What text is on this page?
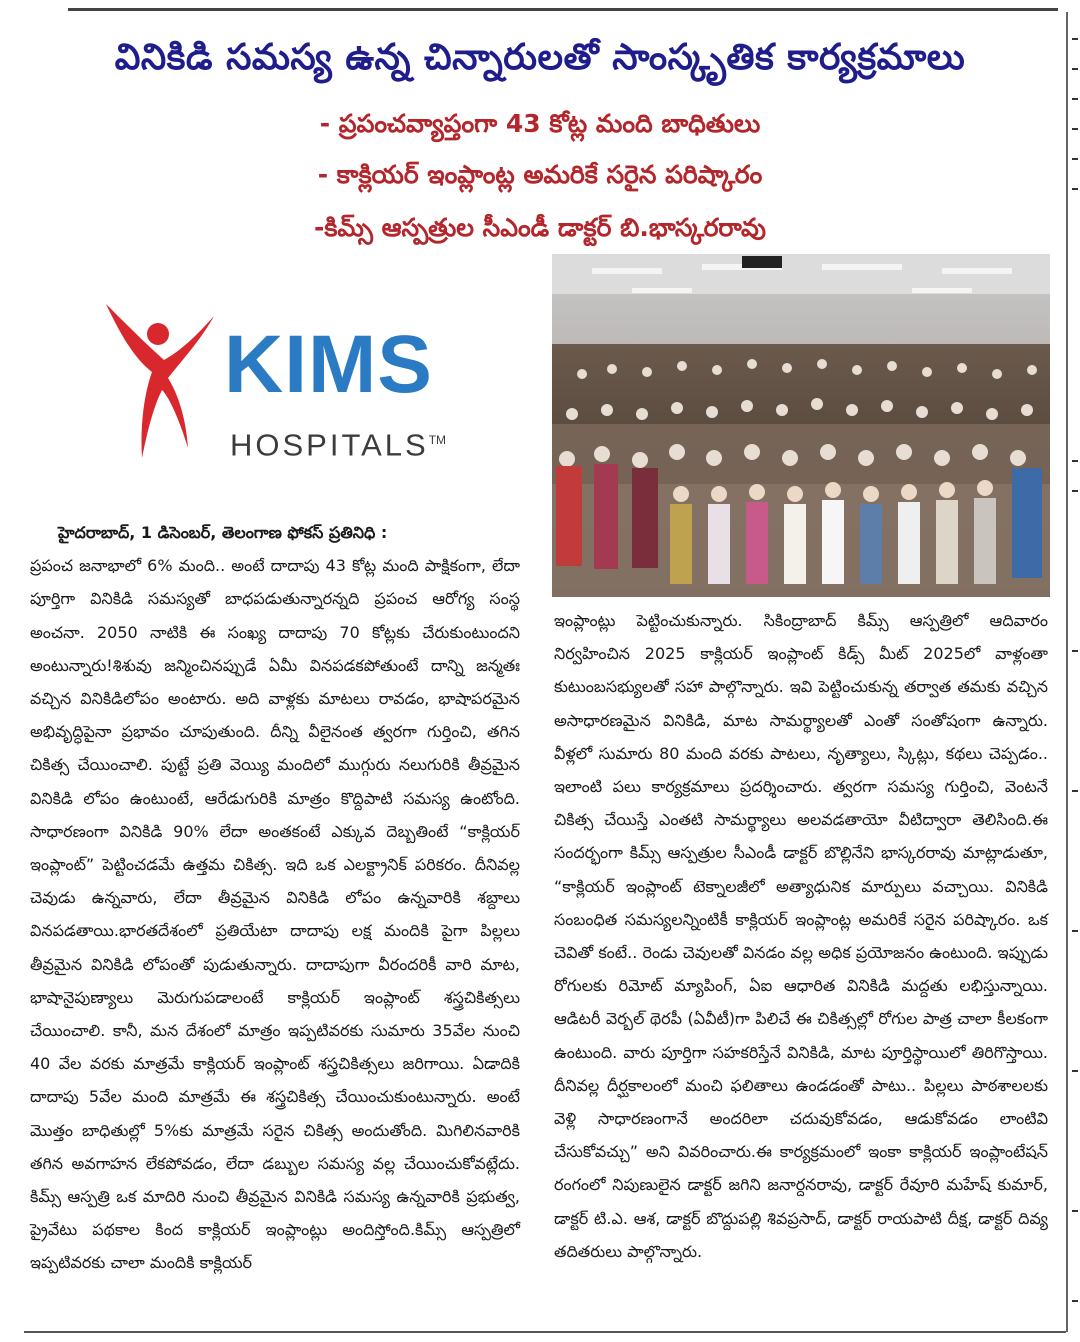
వినికిడి సమస్య ఉన్న చిన్నారులతో సాంస్కృతిక కార్యక్రమాలు
- ప్రపంచవ్యాప్తంగా 43 కోట్ల మంది బాధితులు
- కాక్లియర్ ఇంప్లాంట్ల అమరికే సరైన పరిష్కారం
-కిమ్స్ ఆస్పత్రుల సీఎండీ డాక్టర్ బి.భాస్కరరావు
KIMS
HOSPITALS™
హైదరాబాద్, 1 డిసెంబర్, తెలంగాణ ఫోకస్ ప్రతినిధి :

ప్రపంచ జనాభాలో 6% మంది.. అంటే దాదాపు 43 కోట్ల మంది పాక్షికంగా, లేదా పూర్తిగా వినికిడి సమస్యతో బాధపడుతున్నారన్నది ప్రపంచ ఆరోగ్య సంస్థ అంచనా. 2050 నాటికి ఈ సంఖ్య దాదాపు 70 కోట్లకు చేరుకుంటుందని అంటున్నారు!శిశువు జన్మించినప్పుడే ఏమీ వినపడకపోతుంటే దాన్ని జన్మతః వచ్చిన వినికిడిలోపం అంటారు. అది వాళ్లకు మాటలు రావడం, భాషాపరమైన అభివృద్ధిపైనా ప్రభావం చూపుతుంది. దీన్ని వీలైనంత త్వరగా గుర్తించి, తగిన చికిత్స చేయించాలి. పుట్టే ప్రతి వెయ్యి మందిలో ముగ్గురు నలుగురికి తీవ్రమైన వినికిడి లోపం ఉంటుంటే, ఆరేడుగురికి మాత్రం కొద్దిపాటి సమస్య ఉంటోంది. సాధారణంగా వినికిడి 90% లేదా అంతకంటే ఎక్కువ దెబ్బతింటే “కాక్లియర్ ఇంప్లాంట్” పెట్టించడమే ఉత్తమ చికిత్స. ఇది ఒక ఎలక్ట్రానిక్ పరికరం. దీనివల్ల చెవుడు ఉన్నవారు, లేదా తీవ్రమైన వినికిడి లోపం ఉన్నవారికి శబ్దాలు వినపడతాయి.భారతదేశంలో ప్రతియేటా దాదాపు లక్ష మందికి పైగా పిల్లలు తీవ్రమైన వినికిడి లోపంతో పుడుతున్నారు. దాదాపుగా వీరందరికీ వారి మాట, భాషానైపుణ్యాలు మెరుగుపడాలంటే కాక్లియర్ ఇంప్లాంట్ శస్త్రచికిత్సలు చేయించాలి. కానీ, మన దేశంలో మాత్రం ఇప్పటివరకు సుమారు 35వేల నుంచి 40 వేల వరకు మాత్రమే కాక్లియర్ ఇంప్లాంట్ శస్త్రచికిత్సలు జరిగాయి. ఏడాదికి దాదాపు 5వేల మంది మాత్రమే ఈ శస్త్రచికిత్స చేయించుకుంటున్నారు. అంటే మొత్తం బాధితుల్లో 5%కు మాత్రమే సరైన చికిత్స అందుతోంది. మిగిలినవారికి తగిన అవగాహన లేకపోవడం, లేదా డబ్బుల సమస్య వల్ల చేయించుకోవట్లేదు. కిమ్స్ ఆస్పత్రి ఒక మాదిరి నుంచి తీవ్రమైన వినికిడి సమస్య ఉన్నవారికి ప్రభుత్వ, ప్రైవేటు పథకాల కింద కాక్లియర్ ఇంప్లాంట్లు అందిస్తోంది.కిమ్స్ ఆస్పత్రిలో ఇప్పటివరకు చాలా మందికి కాక్లియర్

ఇంప్లాంట్లు పెట్టించుకున్నారు. సికింద్రాబాద్ కిమ్స్ ఆస్పత్రిలో ఆదివారం నిర్వహించిన 2025 కాక్లియర్ ఇంప్లాంట్ కిడ్స్ మీట్ 2025లో వాళ్లంతా కుటుంబసభ్యులతో సహా పాల్గొన్నారు. ఇవి పెట్టించుకున్న తర్వాత తమకు వచ్చిన అసాధారణమైన వినికిడి, మాట సామర్థ్యాలతో ఎంతో సంతోషంగా ఉన్నారు. వీళ్లలో సుమారు 80 మంది వరకు పాటలు, నృత్యాలు, స్కిట్లు, కథలు చెప్పడం.. ఇలాంటి పలు కార్యక్రమాలు ప్రదర్శించారు. త్వరగా సమస్య గుర్తించి, వెంటనే చికిత్స చేయిస్తే ఎంతటి సామర్థ్యాలు అలవడతాయో వీటిద్వారా తెలిసింది.ఈ సందర్భంగా కిమ్స్ ఆస్పత్రుల సీఎండీ డాక్టర్ బొల్లినేని భాస్కరరావు మాట్లాడుతూ, “కాక్లియర్ ఇంప్లాంట్ టెక్నాలజీలో అత్యాధునిక మార్పులు వచ్చాయి. వినికిడి సంబంధిత సమస్యలన్నింటికీ కాక్లియర్ ఇంప్లాంట్ల అమరికే సరైన పరిష్కారం. ఒక చెవితో కంటే.. రెండు చెవులతో వినడం వల్ల అధిక ప్రయోజనం ఉంటుంది. ఇప్పుడు రోగులకు రిమోట్ మ్యాపింగ్, ఏఐ ఆధారిత వినికిడి మద్దతు లభిస్తున్నాయి. ఆడిటరీ వెర్బల్ థెరపీ (ఏవీటీ)గా పిలిచే ఈ చికిత్సల్లో రోగుల పాత్ర చాలా కీలకంగా ఉంటుంది. వారు పూర్తిగా సహకరిస్తేనే వినికిడి, మాట పూర్తిస్థాయిలో తిరిగొస్తాయి. దీనివల్ల దీర్ఘకాలంలో మంచి ఫలితాలు ఉండడంతో పాటు.. పిల్లలు పాఠశాలలకు వెళ్లి సాధారణంగానే అందరిలా చదువుకోవడం, ఆడుకోవడం లాంటివి చేసుకోవచ్చు” అని వివరించారు.ఈ కార్యక్రమంలో ఇంకా కాక్లియర్ ఇంప్లాంటేషన్ రంగంలో నిపుణులైన డాక్టర్ జగిని జనార్దనరావు, డాక్టర్ రేవూరి మహేష్ కుమార్, డాక్టర్ టి.ఎ. ఆశ, డాక్టర్ బొద్దుపల్లి శివప్రసాద్, డాక్టర్ రాయపాటి దీక్ష, డాక్టర్ దివ్య తదితరులు పాల్గొన్నారు.
